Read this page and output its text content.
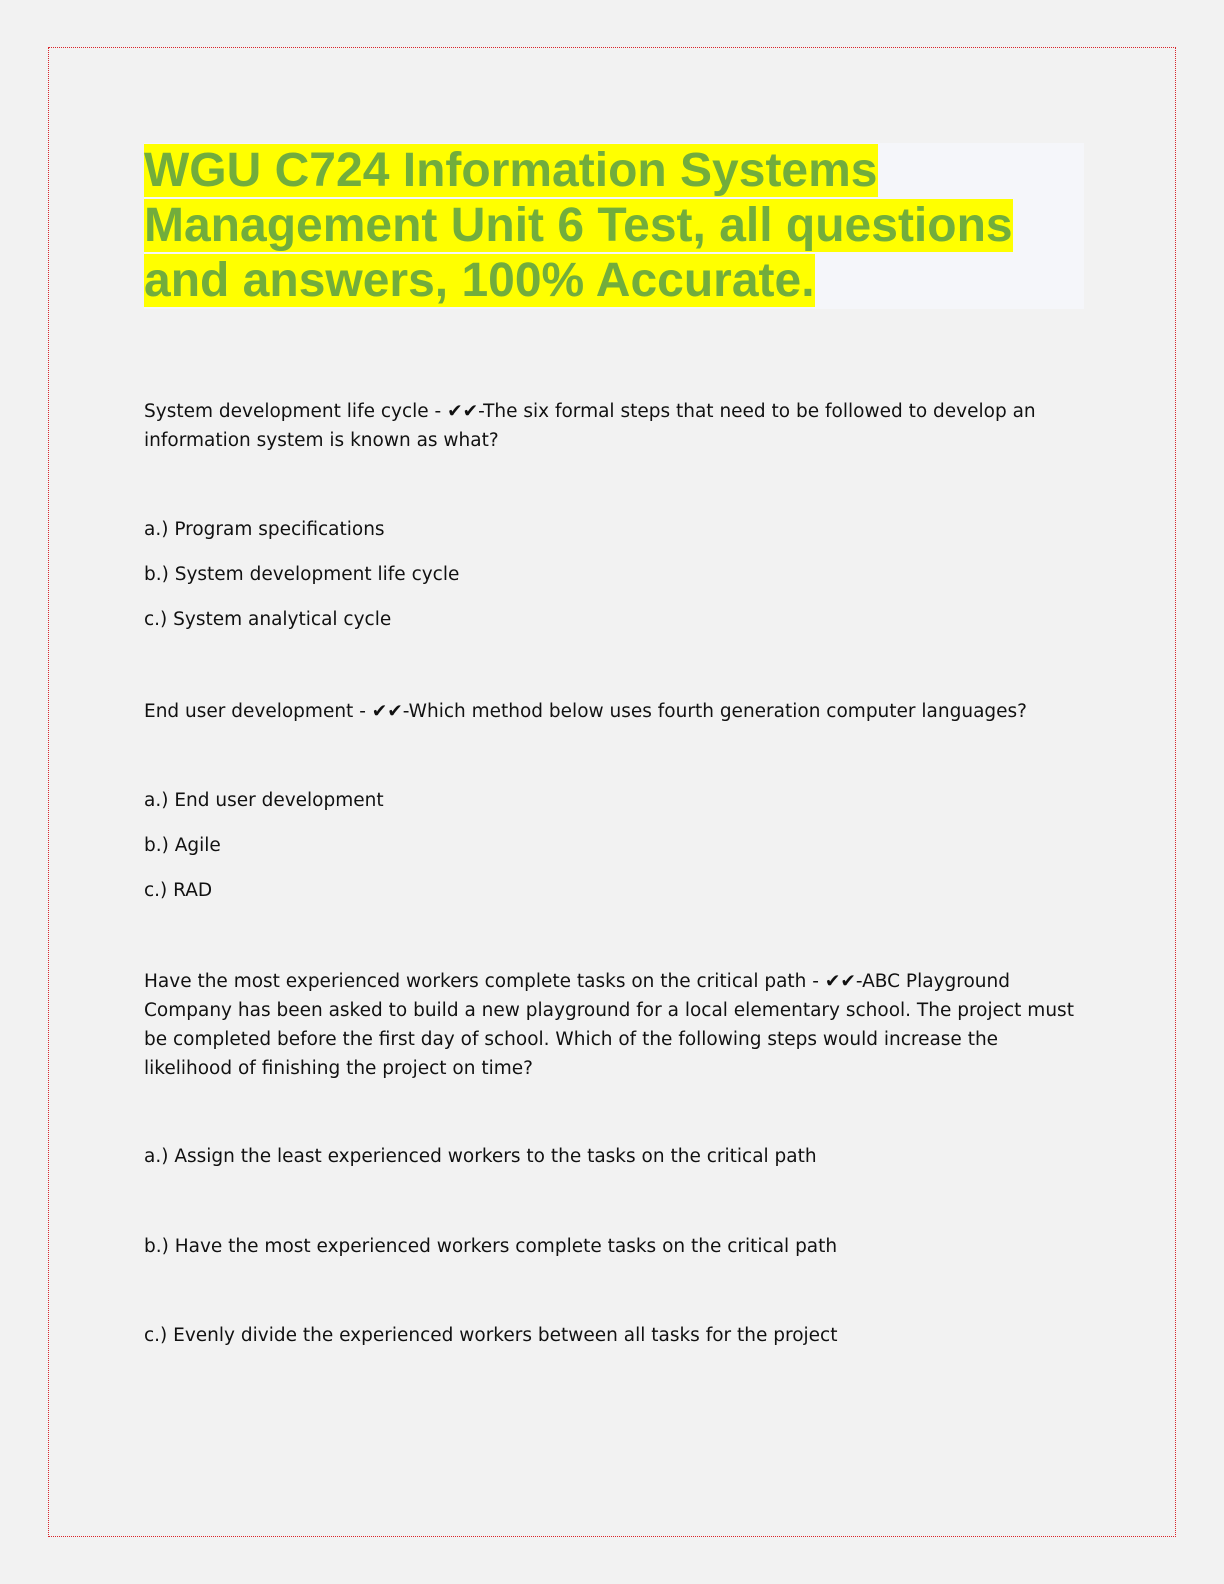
WGU C724 Information Systems
Management Unit 6 Test, all questions
and answers, 100% Accurate.

System development life cycle - ✔✔-The six formal steps that need to be followed to develop an information system is known as what?

a.) Program specifications

b.) System development life cycle

c.) System analytical cycle

End user development - ✔✔-Which method below uses fourth generation computer languages?

a.) End user development

b.) Agile

c.) RAD

Have the most experienced workers complete tasks on the critical path - ✔✔-ABC Playground Company has been asked to build a new playground for a local elementary school. The project must be completed before the first day of school. Which of the following steps would increase the likelihood of finishing the project on time?

a.) Assign the least experienced workers to the tasks on the critical path

b.) Have the most experienced workers complete tasks on the critical path

c.) Evenly divide the experienced workers between all tasks for the project
